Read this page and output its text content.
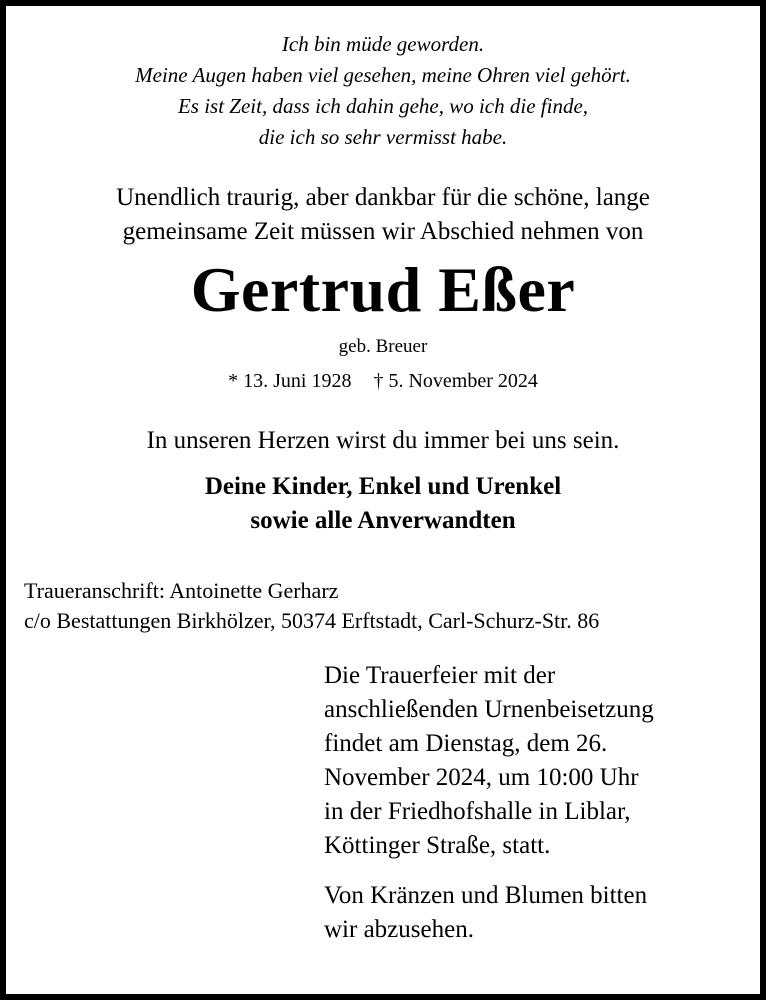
Ich bin müde geworden.
Meine Augen haben viel gesehen, meine Ohren viel gehört.
Es ist Zeit, dass ich dahin gehe, wo ich die finde,
die ich so sehr vermisst habe.
Unendlich traurig, aber dankbar für die schöne, lange
gemeinsame Zeit müssen wir Abschied nehmen von
Gertrud Eßer
geb. Breuer
* 13. Juni 1928 † 5. November 2024
In unseren Herzen wirst du immer bei uns sein.
Deine Kinder, Enkel und Urenkel
sowie alle Anverwandten
Traueranschrift: Antoinette Gerharz
c/o Bestattungen Birkhölzer, 50374 Erftstadt, Carl-Schurz-Str. 86
Die Trauerfeier mit der
anschließenden Urnenbeisetzung
findet am Dienstag, dem 26.
November 2024, um 10:00 Uhr
in der Friedhofshalle in Liblar,
Köttinger Straße, statt.
Von Kränzen und Blumen bitten
wir abzusehen.
